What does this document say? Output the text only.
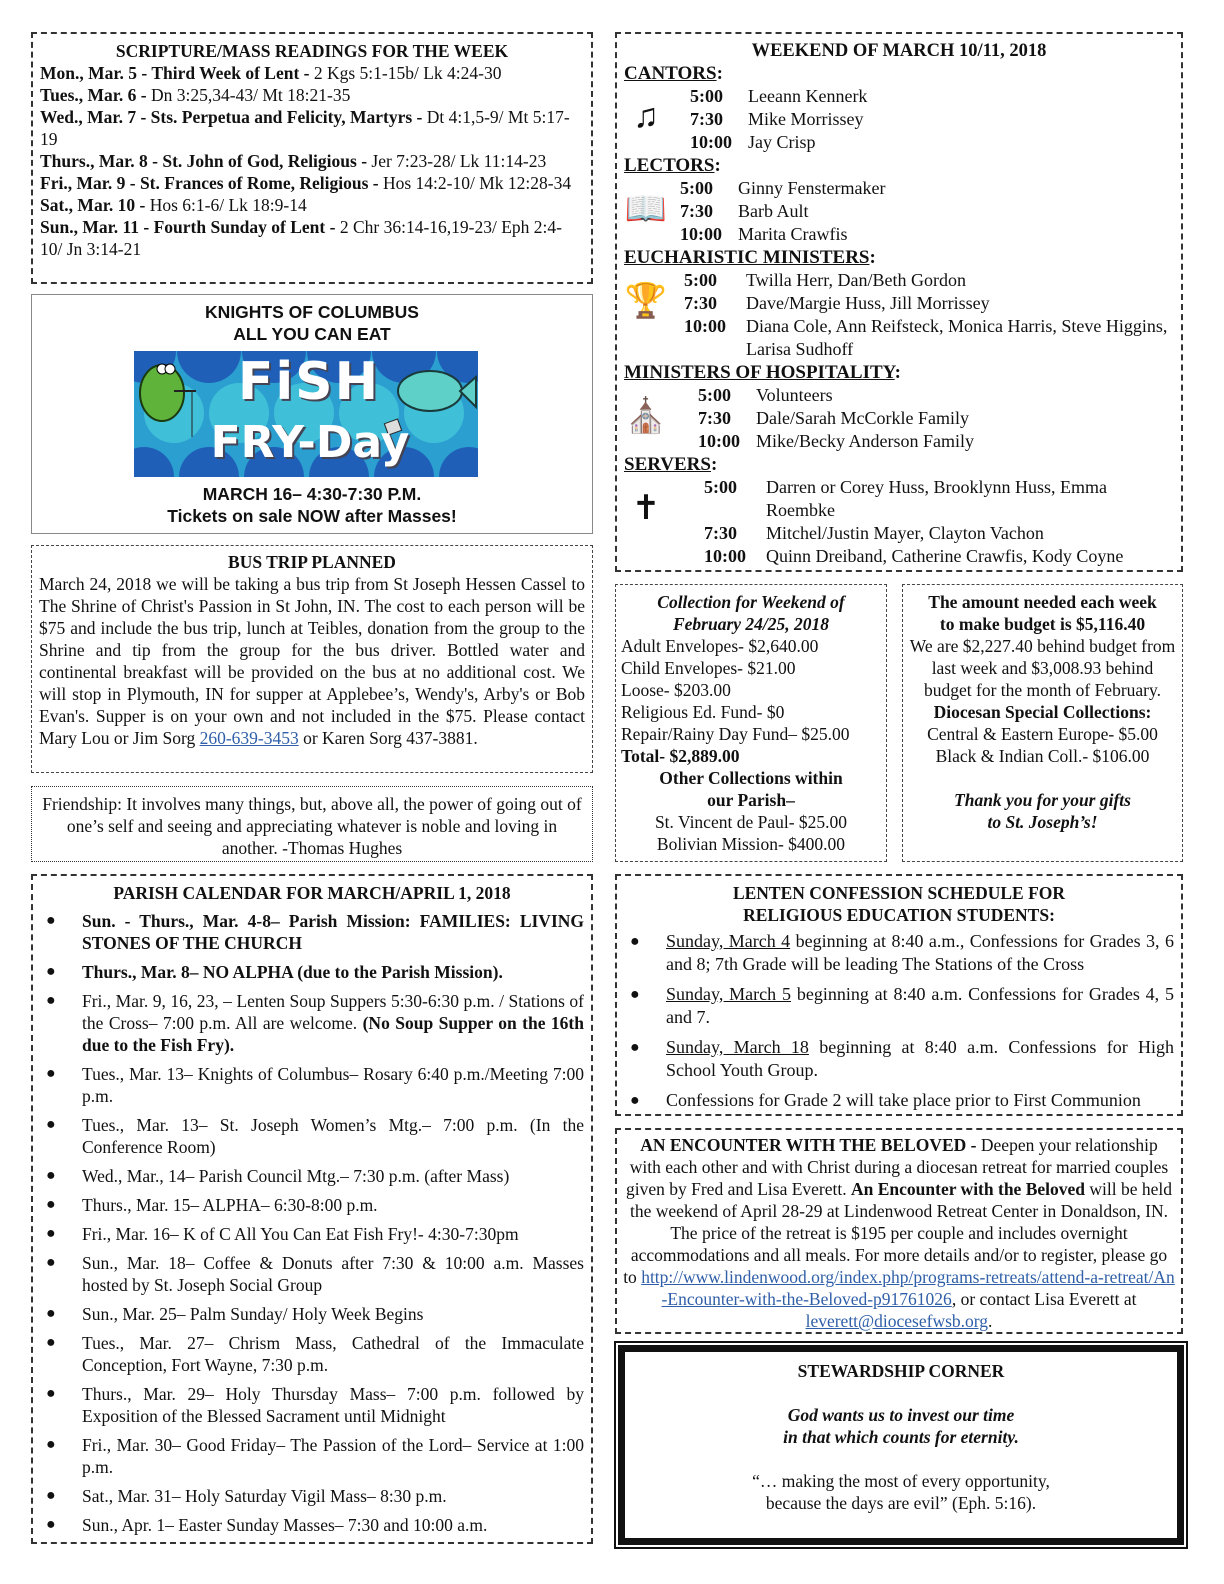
SCRIPTURE/MASS READINGS FOR THE WEEK
Mon., Mar. 5 - Third Week of Lent - 2 Kgs 5:1-15b/ Lk 4:24-30
Tues., Mar. 6 - Dn 3:25,34-43/ Mt 18:21-35
Wed., Mar. 7 - Sts. Perpetua and Felicity, Martyrs - Dt 4:1,5-9/ Mt 5:17-19
Thurs., Mar. 8 - St. John of God, Religious - Jer 7:23-28/ Lk 11:14-23
Fri., Mar. 9 - St. Frances of Rome, Religious - Hos 14:2-10/ Mk 12:28-34
Sat., Mar. 10 - Hos 6:1-6/ Lk 18:9-14
Sun., Mar. 11 - Fourth Sunday of Lent - 2 Chr 36:14-16,19-23/ Eph 2:4-10/ Jn 3:14-21
KNIGHTS OF COLUMBUS
ALL YOU CAN EAT
FiSH
FRY-Day
MARCH 16– 4:30-7:30 P.M.
Tickets on sale NOW after Masses!
BUS TRIP PLANNED
March 24, 2018 we will be taking a bus trip from St Joseph Hessen Cassel to The Shrine of Christ's Passion in St John, IN. The cost to each person will be $75 and include the bus trip, lunch at Teibles, donation from the group to the Shrine and tip from the group for the bus driver. Bottled water and continental breakfast will be provided on the bus at no additional cost. We will stop in Plymouth, IN for supper at Applebee’s, Wendy's, Arby's or Bob Evan's. Supper is on your own and not included in the $75. Please contact Mary Lou or Jim Sorg 260-639-3453 or Karen Sorg 437-3881.
Friendship: It involves many things, but, above all, the power of going out of one’s self and seeing and appreciating whatever is noble and loving in another. -Thomas Hughes
PARISH CALENDAR FOR MARCH/APRIL 1, 2018
● Sun. - Thurs., Mar. 4-8– Parish Mission: FAMILIES: LIVING STONES OF THE CHURCH
● Thurs., Mar. 8– NO ALPHA (due to the Parish Mission).
● Fri., Mar. 9, 16, 23, – Lenten Soup Suppers 5:30-6:30 p.m. / Stations of the Cross– 7:00 p.m. All are welcome. (No Soup Supper on the 16th due to the Fish Fry).
● Tues., Mar. 13– Knights of Columbus– Rosary 6:40 p.m./Meeting 7:00 p.m.
● Tues., Mar. 13– St. Joseph Women’s Mtg.– 7:00 p.m. (In the Conference Room)
● Wed., Mar., 14– Parish Council Mtg.– 7:30 p.m. (after Mass)
● Thurs., Mar. 15– ALPHA– 6:30-8:00 p.m.
● Fri., Mar. 16– K of C All You Can Eat Fish Fry!- 4:30-7:30pm
● Sun., Mar. 18– Coffee & Donuts after 7:30 & 10:00 a.m. Masses hosted by St. Joseph Social Group
● Sun., Mar. 25– Palm Sunday/ Holy Week Begins
● Tues., Mar. 27– Chrism Mass, Cathedral of the Immaculate Conception, Fort Wayne, 7:30 p.m.
● Thurs., Mar. 29– Holy Thursday Mass– 7:00 p.m. followed by Exposition of the Blessed Sacrament until Midnight
● Fri., Mar. 30– Good Friday– The Passion of the Lord– Service at 1:00 p.m.
● Sat., Mar. 31– Holy Saturday Vigil Mass– 8:30 p.m.
● Sun., Apr. 1– Easter Sunday Masses– 7:30 and 10:00 a.m.
WEEKEND OF MARCH 10/11, 2018
CANTORS:
♫
5:00	Leeann Kennerk
7:30	Mike Morrissey
10:00 Jay Crisp
LECTORS:
📖
5:00	Ginny Fenstermaker
7:30	Barb Ault
10:00 Marita Crawfis
EUCHARISTIC MINISTERS:
🏆
5:00	Twilla Herr, Dan/Beth Gordon
7:30	Dave/Margie Huss, Jill Morrissey
10:00	Diana Cole, Ann Reifsteck, Monica Harris, Steve Higgins, Larisa Sudhoff
MINISTERS OF HOSPITALITY:
⛪
5:00	Volunteers
7:30	Dale/Sarah McCorkle Family
10:00 Mike/Becky Anderson Family
SERVERS:
✝
5:00	Darren or Corey Huss, Brooklynn Huss, Emma Roembke
7:30	Mitchel/Justin Mayer, Clayton Vachon
10:00	Quinn Dreiband, Catherine Crawfis, Kody Coyne
Collection for Weekend of
February 24/25, 2018
Adult Envelopes- $2,640.00
Child Envelopes- $21.00
Loose- $203.00
Religious Ed. Fund- $0
Repair/Rainy Day Fund– $25.00
Total- $2,889.00
Other Collections within
our Parish–
St. Vincent de Paul- $25.00
Bolivian Mission- $400.00
The amount needed each week
to make budget is $5,116.40
We are $2,227.40 behind budget from last week and $3,008.93 behind budget for the month of February.
Diocesan Special Collections:
Central & Eastern Europe- $5.00
Black & Indian Coll.- $106.00
Thank you for your gifts
to St. Joseph’s!
LENTEN CONFESSION SCHEDULE FOR
RELIGIOUS EDUCATION STUDENTS:
● Sunday, March 4 beginning at 8:40 a.m., Confessions for Grades 3, 6 and 8; 7th Grade will be leading The Stations of the Cross
● Sunday, March 5 beginning at 8:40 a.m. Confessions for Grades 4, 5 and 7.
● Sunday, March 18 beginning at 8:40 a.m. Confessions for High School Youth Group.
● Confessions for Grade 2 will take place prior to First Communion
AN ENCOUNTER WITH THE BELOVED - Deepen your relationship with each other and with Christ during a diocesan retreat for married couples given by Fred and Lisa Everett. An Encounter with the Beloved will be held the weekend of April 28-29 at Lindenwood Retreat Center in Donaldson, IN. The price of the retreat is $195 per couple and includes overnight accommodations and all meals. For more details and/or to register, please go to http://www.lindenwood.org/index.php/programs-retreats/attend-a-retreat/An-Encounter-with-the-Beloved-p91761026, or contact Lisa Everett at leverett@diocesefwsb.org.
STEWARDSHIP CORNER
God wants us to invest our time
in that which counts for eternity.
“… making the most of every opportunity,
because the days are evil” (Eph. 5:16).
